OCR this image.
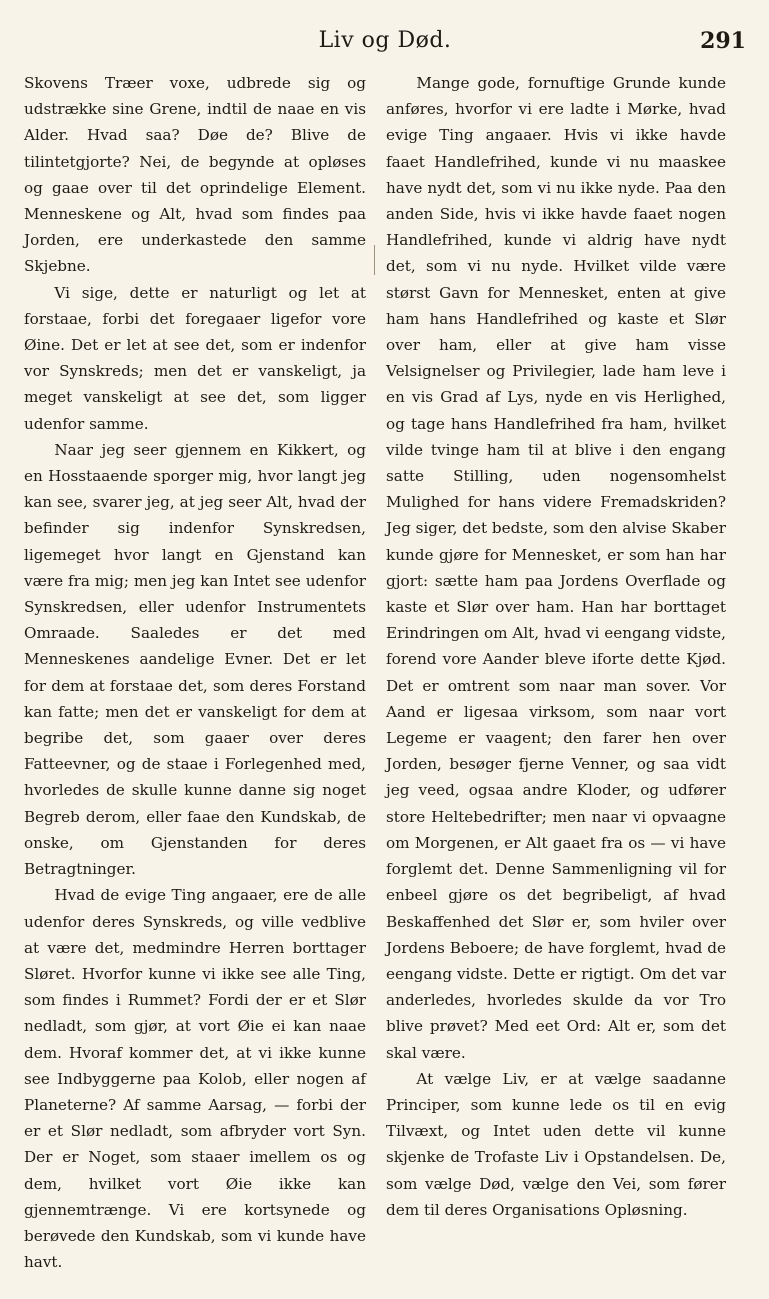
Liv og Død.	291

Skovens Træer voxe, udbrede sig og udstrække sine Grene, indtil de naae en vis Alder. Hvad saa? Døe de? Blive de tilintetgjorte? Nei, de begynde at opløses og gaae over til det oprindelige Element. Menneskene og Alt, hvad som findes paa Jorden, ere underkastede den samme Skjebne.

Vi sige, dette er naturligt og let at forstaae, forbi det foregaaer ligefor vore Øine. Det er let at see det, som er indenfor vor Synskreds; men det er vanskeligt, ja meget vanskeligt at see det, som ligger udenfor samme.

Naar jeg seer gjennem en Kikkert, og en Hosstaaende sporger mig, hvor langt jeg kan see, svarer jeg, at jeg seer Alt, hvad der befinder sig indenfor Synskredsen, ligemeget hvor langt en Gjenstand kan være fra mig; men jeg kan Intet see udenfor Synskredsen, eller udenfor Instrumentets Omraade. Saaledes er det med Menneskenes aandelige Evner. Det er let for dem at forstaae det, som deres Forstand kan fatte; men det er vanskeligt for dem at begribe det, som gaaer over deres Fatteevner, og de staae i Forlegenhed med, hvorledes de skulle kunne danne sig noget Begreb derom, eller faae den Kundskab, de onske, om Gjenstanden for deres Betragtninger.

Hvad de evige Ting angaaer, ere de alle udenfor deres Synskreds, og ville vedblive at være det, medmindre Herren borttager Sløret. Hvorfor kunne vi ikke see alle Ting, som findes i Rummet? Fordi der er et Slør nedladt, som gjør, at vort Øie ei kan naae dem. Hvoraf kommer det, at vi ikke kunne see Indbyggerne paa Kolob, eller nogen af Planeterne? Af samme Aarsag, — forbi der er et Slør nedladt, som afbryder vort Syn. Der er Noget, som staaer imellem os og dem, hvilket vort Øie ikke kan gjennemtrænge. Vi ere kortsynede og berøvede den Kundskab, som vi kunde have havt.

Mange gode, fornuftige Grunde kunde anføres, hvorfor vi ere ladte i Mørke, hvad evige Ting angaaer. Hvis vi ikke havde faaet Handlefrihed, kunde vi nu maaskee have nydt det, som vi nu ikke nyde. Paa den anden Side, hvis vi ikke havde faaet nogen Handlefrihed, kunde vi aldrig have nydt det, som vi nu nyde. Hvilket vilde være størst Gavn for Mennesket, enten at give ham hans Handlefrihed og kaste et Slør over ham, eller at give ham visse Velsignelser og Privilegier, lade ham leve i en vis Grad af Lys, nyde en vis Herlighed, og tage hans Handlefrihed fra ham, hvilket vilde tvinge ham til at blive i den engang satte Stilling, uden nogensomhelst Mulighed for hans videre Fremadskriden? Jeg siger, det bedste, som den alvise Skaber kunde gjøre for Mennesket, er som han har gjort: sætte ham paa Jordens Overflade og kaste et Slør over ham. Han har borttaget Erindringen om Alt, hvad vi eengang vidste, forend vore Aander bleve iforte dette Kjød. Det er omtrent som naar man sover. Vor Aand er ligesaa virksom, som naar vort Legeme er vaagent; den farer hen over Jorden, besøger fjerne Venner, og saa vidt jeg veed, ogsaa andre Kloder, og udfører store Heltebedrifter; men naar vi opvaagne om Morgenen, er Alt gaaet fra os — vi have forglemt det. Denne Sammenligning vil for enbeel gjøre os det begribeligt, af hvad Beskaffenhed det Slør er, som hviler over Jordens Beboere; de have forglemt, hvad de eengang vidste. Dette er rigtigt. Om det var anderledes, hvorledes skulde da vor Tro blive prøvet? Med eet Ord: Alt er, som det skal være.

At vælge Liv, er at vælge saadanne Principer, som kunne lede os til en evig Tilvæxt, og Intet uden dette vil kunne skjenke de Trofaste Liv i Opstandelsen. De, som vælge Død, vælge den Vei, som fører dem til deres Organisations Opløsning.
